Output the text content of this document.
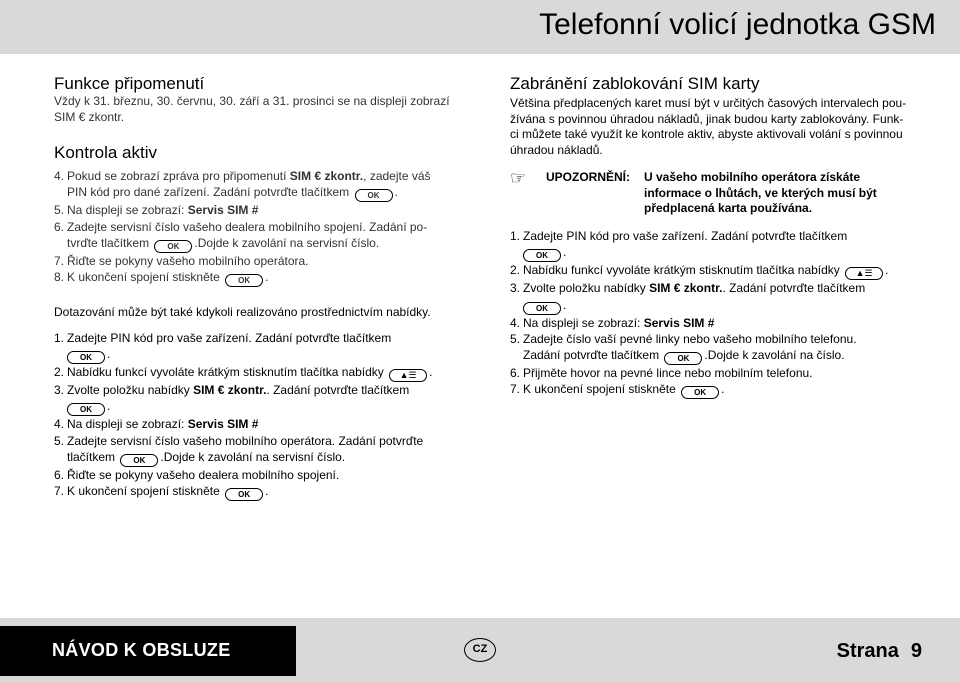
Telefonní volicí jednotka GSM
Funkce připomenutí
Vždy k 31. březnu, 30. červnu, 30. září a 31. prosinci se na displeji zobrazí
SIM € zkontr.
Kontrola aktiv
4. Pokud se zobrazí zpráva pro připomenutí SIM € zkontr., zadejte váš
PIN kód pro dané zařízení. Zadání potvrďte tlačítkem OK .
5. Na displeji se zobrazí: Servis SIM #
6. Zadejte servisní číslo vašeho dealera mobilního spojení. Zadání po-
tvrďte tlačítkem OK .Dojde k zavolání na servisní číslo.
7. Řiďte se pokyny vašeho mobilního operátora.
8. K ukončení spojení stiskněte OK .
Dotazování může být také kdykoli realizováno prostřednictvím nabídky.
1. Zadejte PIN kód pro vaše zařízení. Zadání potvrďte tlačítkem
OK .
2. Nabídku funkcí vyvoláte krátkým stisknutím tlačítka nabídky ▲☰ .
3. Zvolte položku nabídky SIM € zkontr.. Zadání potvrďte tlačítkem
OK .
4. Na displeji se zobrazí: Servis SIM #
5. Zadejte servisní číslo vašeho mobilního operátora. Zadání potvrďte
tlačítkem OK .Dojde k zavolání na servisní číslo.
6. Řiďte se pokyny vašeho dealera mobilního spojení.
7. K ukončení spojení stiskněte OK .
Zabránění zablokování SIM karty
Většina předplacených karet musí být v určitých časových intervalech pou-
žívána s povinnou úhradou nákladů, jinak budou karty zablokovány. Funk-
ci můžete také využít ke kontrole aktiv, abyste aktivovali volání s povinnou
úhradou nákladů.
☞ UPOZORNĚNÍ: U vašeho mobilního operátora získáte
informace o lhůtách, ve kterých musí být
předplacená karta používána.
1. Zadejte PIN kód pro vaše zařízení. Zadání potvrďte tlačítkem
OK .
2. Nabídku funkcí vyvoláte krátkým stisknutím tlačítka nabídky ▲☰ .
3. Zvolte položku nabídky SIM € zkontr.. Zadání potvrďte tlačítkem
OK .
4. Na displeji se zobrazí: Servis SIM #
5. Zadejte číslo vaší pevné linky nebo vašeho mobilního telefonu.
Zadání potvrďte tlačítkem OK .Dojde k zavolání na číslo.
6. Přijměte hovor na pevné lince nebo mobilním telefonu.
7. K ukončení spojení stiskněte OK .
NÁVOD K OBSLUZE	CZ	Strana 9
